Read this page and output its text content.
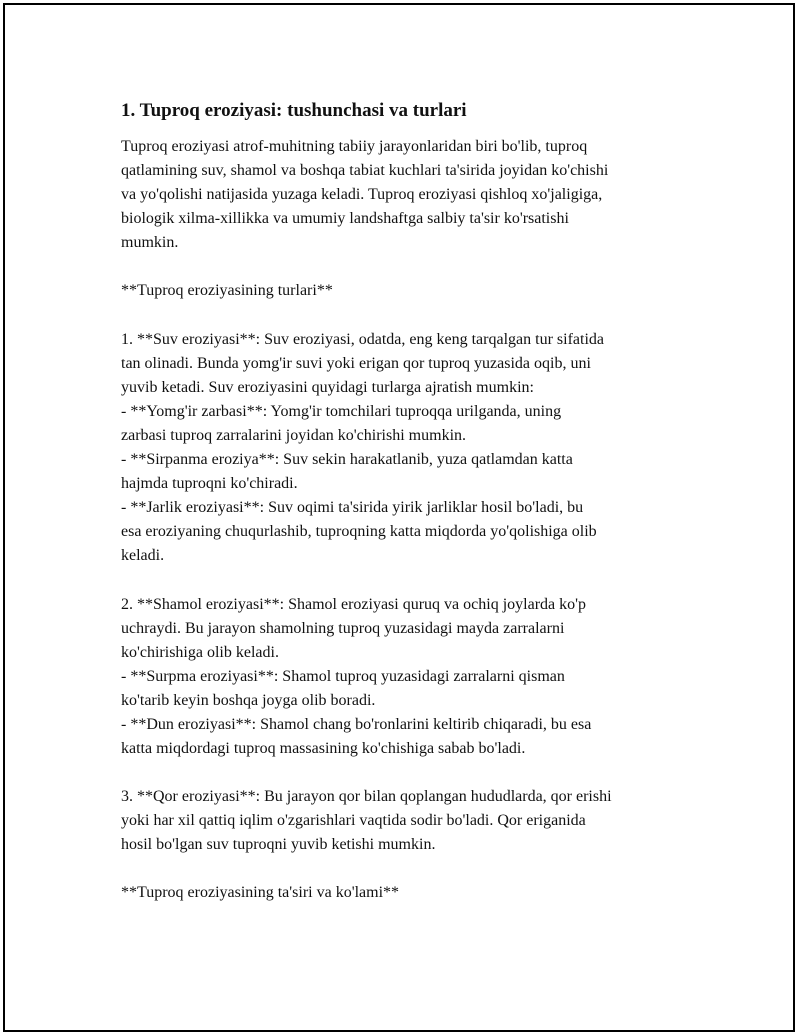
1. Tuproq eroziyasi: tushunchasi va turlari

Tuproq eroziyasi atrof-muhitning tabiiy jarayonlaridan biri bo'lib, tuproq
qatlamining suv, shamol va boshqa tabiat kuchlari ta'sirida joyidan ko'chishi
va yo'qolishi natijasida yuzaga keladi. Tuproq eroziyasi qishloq xo'jaligiga,
biologik xilma-xillikka va umumiy landshaftga salbiy ta'sir ko'rsatishi
mumkin.

**Tuproq eroziyasining turlari**

1. **Suv eroziyasi**: Suv eroziyasi, odatda, eng keng tarqalgan tur sifatida
tan olinadi. Bunda yomg'ir suvi yoki erigan qor tuproq yuzasida oqib, uni
yuvib ketadi. Suv eroziyasini quyidagi turlarga ajratish mumkin:
- **Yomg'ir zarbasi**: Yomg'ir tomchilari tuproqqa urilganda, uning
zarbasi tuproq zarralarini joyidan ko'chirishi mumkin.
- **Sirpanma eroziya**: Suv sekin harakatlanib, yuza qatlamdan katta
hajmda tuproqni ko'chiradi.
- **Jarlik eroziyasi**: Suv oqimi ta'sirida yirik jarliklar hosil bo'ladi, bu
esa eroziyaning chuqurlashib, tuproqning katta miqdorda yo'qolishiga olib
keladi.

2. **Shamol eroziyasi**: Shamol eroziyasi quruq va ochiq joylarda ko'p
uchraydi. Bu jarayon shamolning tuproq yuzasidagi mayda zarralarni
ko'chirishiga olib keladi.
- **Surpma eroziyasi**: Shamol tuproq yuzasidagi zarralarni qisman
ko'tarib keyin boshqa joyga olib boradi.
- **Dun eroziyasi**: Shamol chang bo'ronlarini keltirib chiqaradi, bu esa
katta miqdordagi tuproq massasining ko'chishiga sabab bo'ladi.

3. **Qor eroziyasi**: Bu jarayon qor bilan qoplangan hududlarda, qor erishi
yoki har xil qattiq iqlim o'zgarishlari vaqtida sodir bo'ladi. Qor eriganida
hosil bo'lgan suv tuproqni yuvib ketishi mumkin.

**Tuproq eroziyasining ta'siri va ko'lami**
